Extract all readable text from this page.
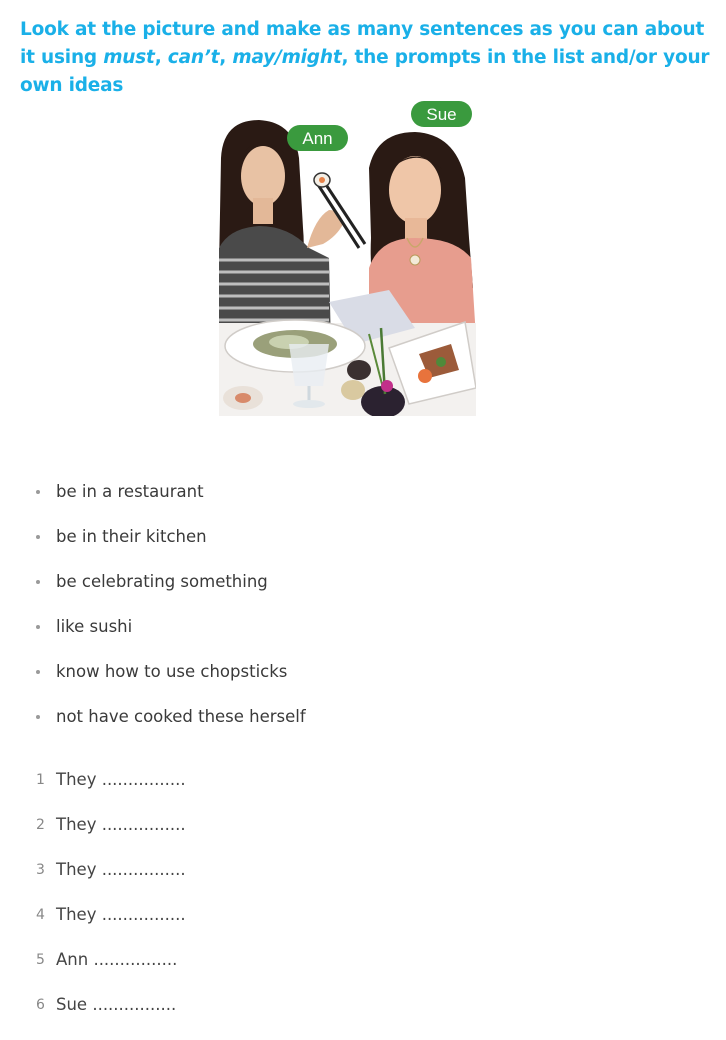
Look at the picture and make as many sentences as you can about it using must, can’t, may/might, the prompts in the list and/or your own ideas

Ann
Sue
be in a restaurant
be in their kitchen
be celebrating something
like sushi
know how to use chopsticks
not have cooked these herself
1 They ................
2 They ................
3 They ................
4 They ................
5 Ann ................
6 Sue ................
